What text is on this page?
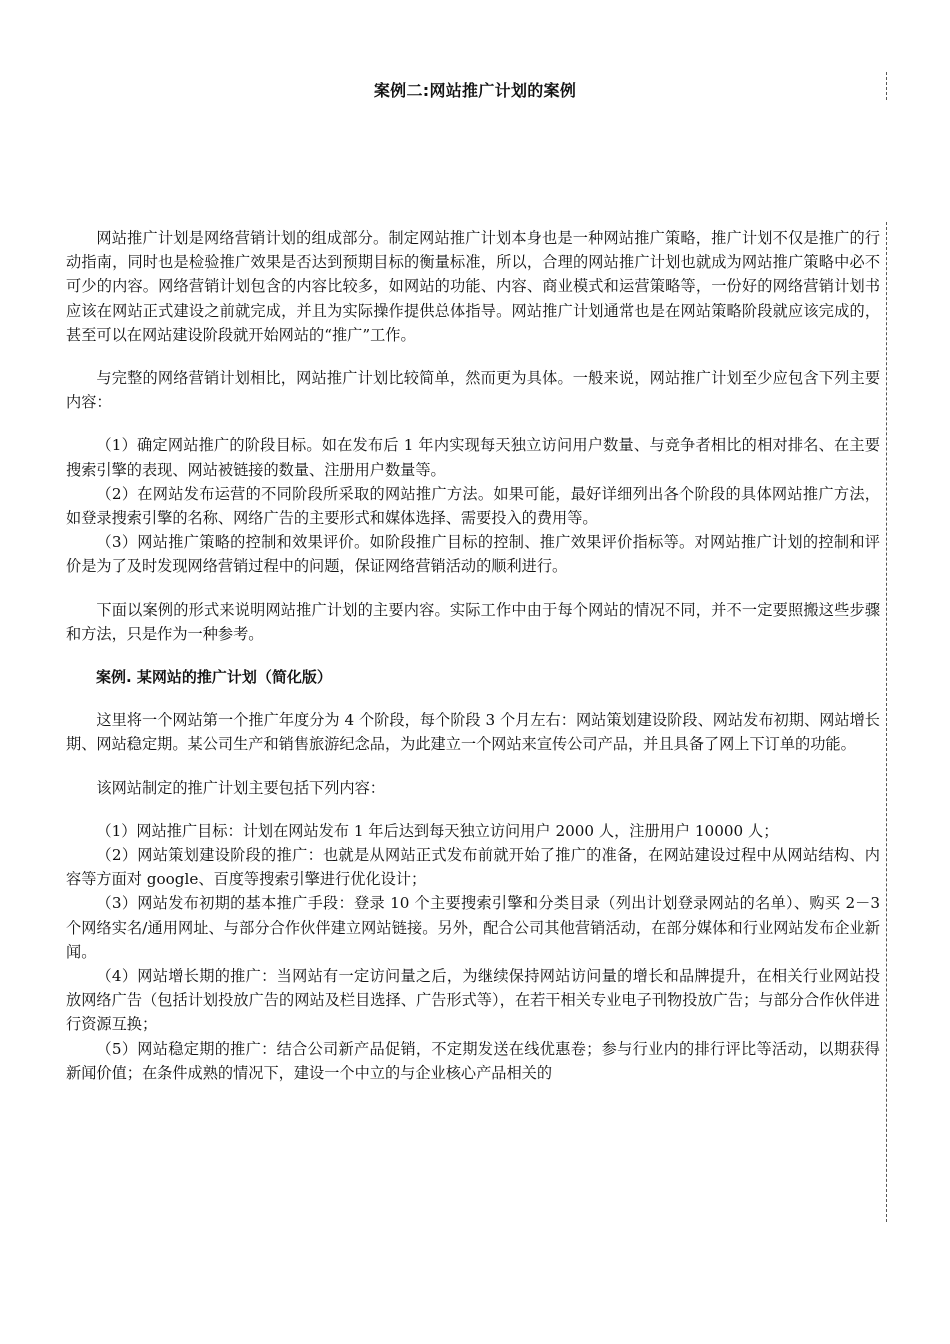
案例二:网站推广计划的案例

网站推广计划是网络营销计划的组成部分。制定网站推广计划本身也是一种网站推广策略，推广计划不仅是推广的行动指南，同时也是检验推广效果是否达到预期目标的衡量标准，所以，合理的网站推广计划也就成为网站推广策略中必不可少的内容。网络营销计划包含的内容比较多，如网站的功能、内容、商业模式和运营策略等，一份好的网络营销计划书应该在网站正式建设之前就完成，并且为实际操作提供总体指导。网站推广计划通常也是在网站策略阶段就应该完成的，甚至可以在网站建设阶段就开始网站的“推广”工作。

与完整的网络营销计划相比，网站推广计划比较简单，然而更为具体。一般来说，网站推广计划至少应包含下列主要内容：

（1）确定网站推广的阶段目标。如在发布后 1 年内实现每天独立访问用户数量、与竞争者相比的相对排名、在主要搜索引擎的表现、网站被链接的数量、注册用户数量等。

（2）在网站发布运营的不同阶段所采取的网站推广方法。如果可能，最好详细列出各个阶段的具体网站推广方法，如登录搜索引擎的名称、网络广告的主要形式和媒体选择、需要投入的费用等。

（3）网站推广策略的控制和效果评价。如阶段推广目标的控制、推广效果评价指标等。对网站推广计划的控制和评价是为了及时发现网络营销过程中的问题，保证网络营销活动的顺利进行。

下面以案例的形式来说明网站推广计划的主要内容。实际工作中由于每个网站的情况不同，并不一定要照搬这些步骤和方法，只是作为一种参考。

案例. 某网站的推广计划（简化版）

这里将一个网站第一个推广年度分为 4 个阶段，每个阶段 3 个月左右：网站策划建设阶段、网站发布初期、网站增长期、网站稳定期。某公司生产和销售旅游纪念品，为此建立一个网站来宣传公司产品，并且具备了网上下订单的功能。

该网站制定的推广计划主要包括下列内容：

（1）网站推广目标：计划在网站发布 1 年后达到每天独立访问用户 2000 人，注册用户 10000 人；

（2）网站策划建设阶段的推广：也就是从网站正式发布前就开始了推广的准备，在网站建设过程中从网站结构、内容等方面对 google、百度等搜索引擎进行优化设计；

（3）网站发布初期的基本推广手段：登录 10 个主要搜索引擎和分类目录（列出计划登录网站的名单）、购买 2－3 个网络实名/通用网址、与部分合作伙伴建立网站链接。另外，配合公司其他营销活动，在部分媒体和行业网站发布企业新闻。

（4）网站增长期的推广：当网站有一定访问量之后，为继续保持网站访问量的增长和品牌提升，在相关行业网站投放网络广告（包括计划投放广告的网站及栏目选择、广告形式等），在若干相关专业电子刊物投放广告；与部分合作伙伴进行资源互换；

（5）网站稳定期的推广：结合公司新产品促销，不定期发送在线优惠卷；参与行业内的排行评比等活动，以期获得新闻价值；在条件成熟的情况下，建设一个中立的与企业核心产品相关的
